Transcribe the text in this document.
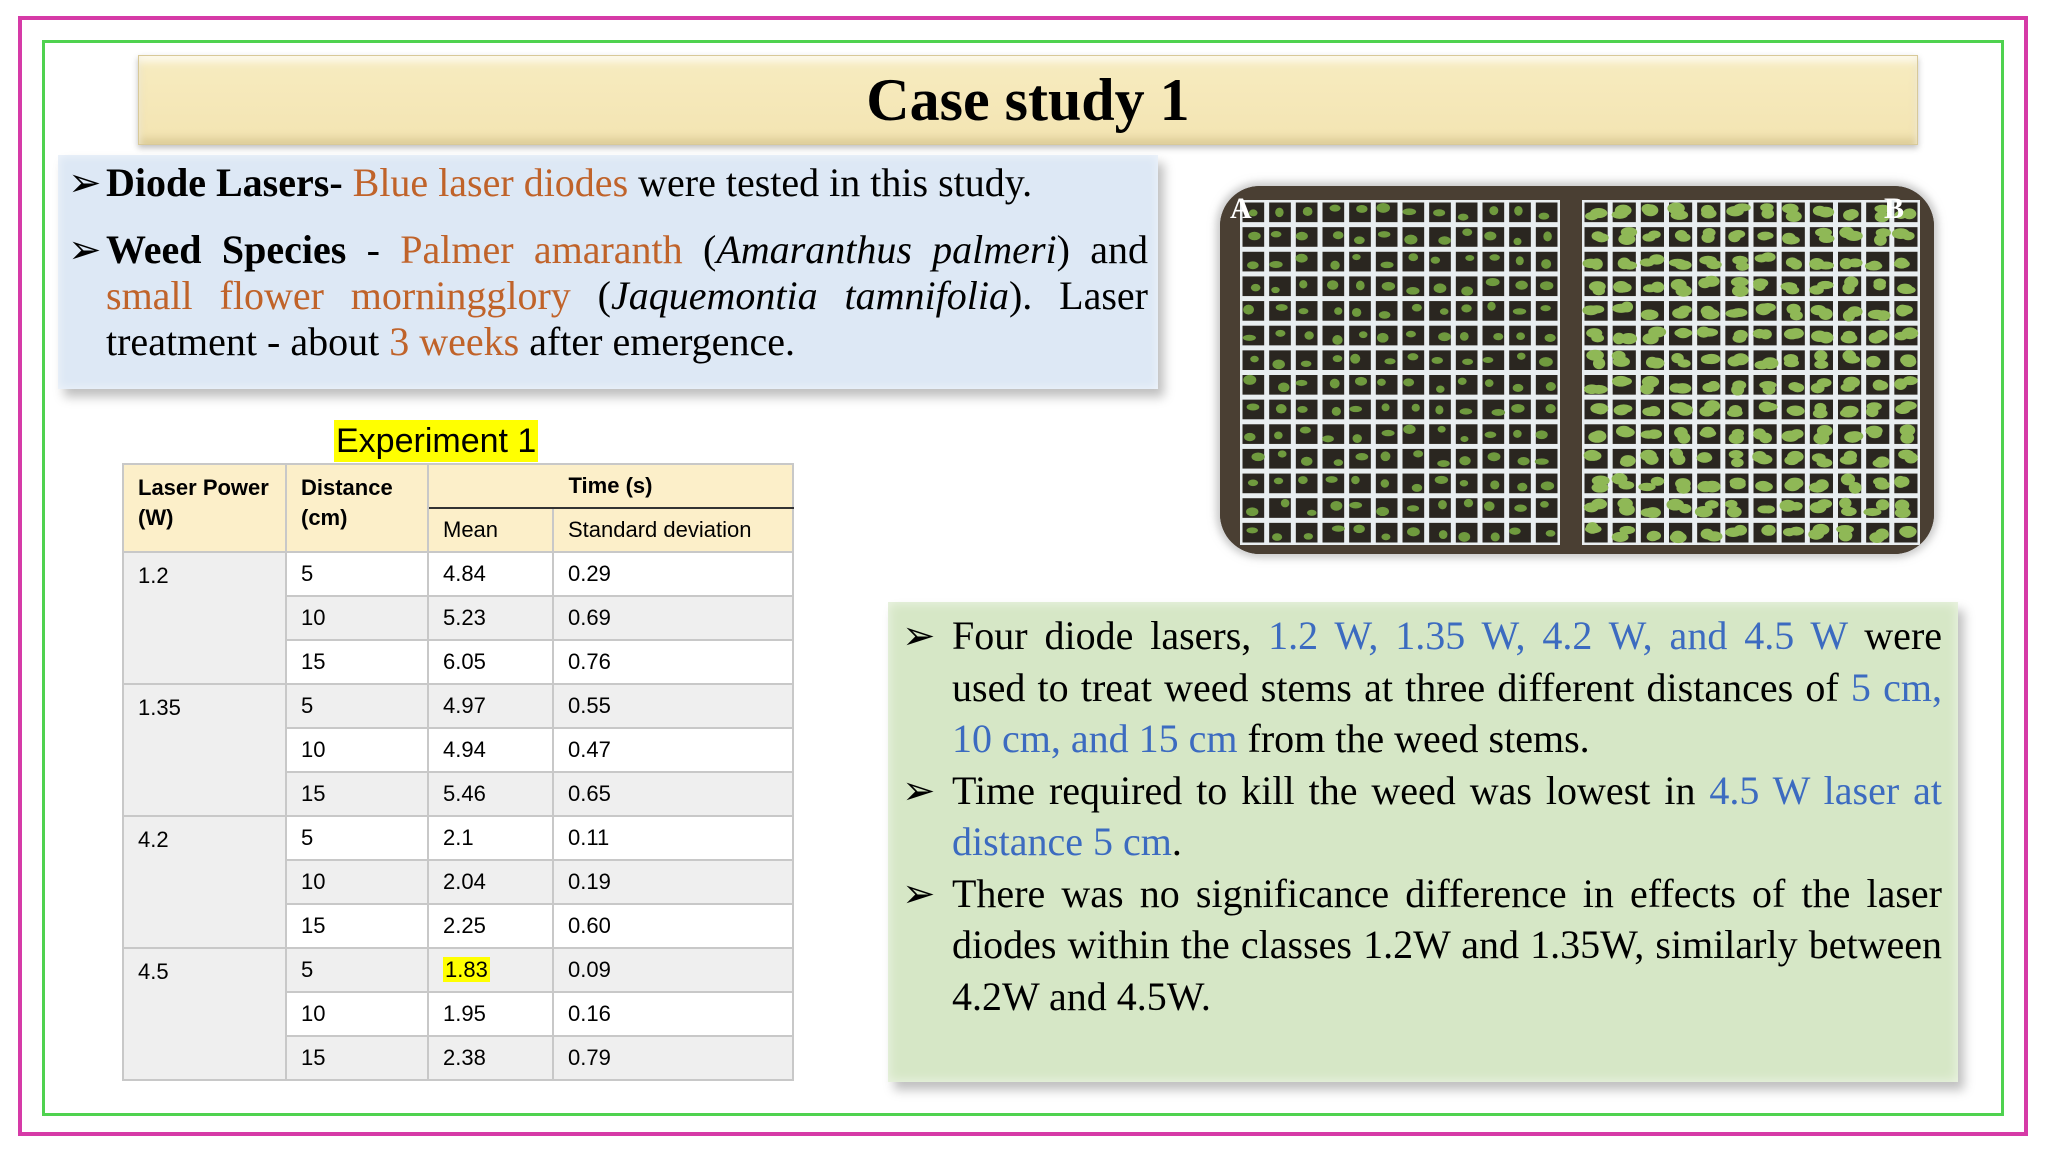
Case study 1
➢ Diode Lasers- Blue laser diodes were tested in this study.
➢ Weed Species - Palmer amaranth (Amaranthus palmeri) and small flower morningglory (Jaquemontia tamnifolia). Laser treatment - about 3 weeks after emergence.
Experiment 1
Laser Power (W)	Distance (cm)	Time (s)	
		Mean	Standard deviation
1.2	5	4.84	0.29
	10	5.23	0.69
	15	6.05	0.76
1.35	5	4.97	0.55
	10	4.94	0.47
	15	5.46	0.65
4.2	5	2.1	0.11
	10	2.04	0.19
	15	2.25	0.60
4.5	5	1.83	0.09
	10	1.95	0.16
	15	2.38	0.79
A	B
➢ Four diode lasers, 1.2 W, 1.35 W, 4.2 W, and 4.5 W were used to treat weed stems at three different distances of 5 cm, 10 cm, and 15 cm from the weed stems.
➢ Time required to kill the weed was lowest in 4.5 W laser at distance 5 cm.
➢ There was no significance difference in effects of the laser diodes within the classes 1.2W and 1.35W, similarly between 4.2W and 4.5W.
